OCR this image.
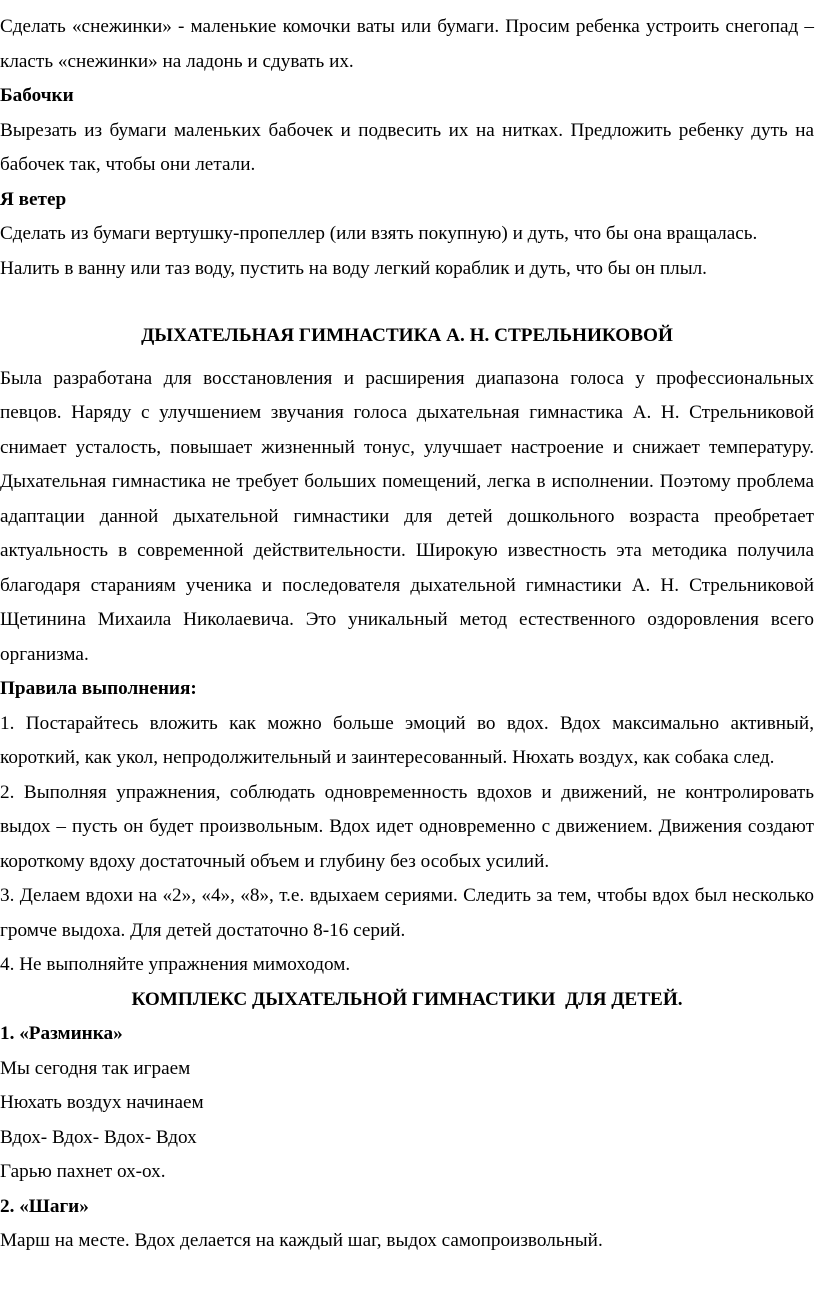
Сделать «снежинки» - маленькие комочки ваты или бумаги. Просим ребенка устроить снегопад – класть «снежинки» на ладонь и сдувать их.

Бабочки

Вырезать из бумаги маленьких бабочек и подвесить их на нитках. Предложить ребенку дуть на бабочек так, чтобы они летали.

Я ветер

Сделать из бумаги вертушку-пропеллер (или взять покупную) и дуть, что бы она вращалась.

Налить в ванну или таз воду, пустить на воду легкий кораблик и дуть, что бы он плыл.

ДЫХАТЕЛЬНАЯ ГИМНАСТИКА А. Н. СТРЕЛЬНИКОВОЙ

Была разработана для восстановления и расширения диапазона голоса у профессиональных певцов. Наряду с улучшением звучания голоса дыхательная гимнастика А. Н. Стрельниковой снимает усталость, повышает жизненный тонус, улучшает настроение и снижает температуру. Дыхательная гимнастика не требует больших помещений, легка в исполнении. Поэтому проблема адаптации данной дыхательной гимнастики для детей дошкольного возраста преобретает актуальность в современной действительности. Широкую известность эта методика получила благодаря стараниям ученика и последователя дыхательной гимнастики А. Н. Стрельниковой Щетинина Михаила Николаевича. Это уникальный метод естественного оздоровления всего организма.

Правила выполнения:

1. Постарайтесь вложить как можно больше эмоций во вдох. Вдох максимально активный, короткий, как укол, непродолжительный и заинтересованный. Нюхать воздух, как собака след.

2. Выполняя упражнения, соблюдать одновременность вдохов и движений, не контролировать выдох – пусть он будет произвольным. Вдох идет одновременно с движением. Движения создают короткому вдоху достаточный объем и глубину без особых усилий.

3. Делаем вдохи на «2», «4», «8», т.е. вдыхаем сериями. Следить за тем, чтобы вдох был несколько громче выдоха. Для детей достаточно 8-16 серий.

4. Не выполняйте упражнения мимоходом.

КОМПЛЕКС ДЫХАТЕЛЬНОЙ ГИМНАСТИКИ  ДЛЯ ДЕТЕЙ.

1. «Разминка»

Мы сегодня так играем

Нюхать воздух начинаем

Вдох- Вдох- Вдох- Вдох

Гарью пахнет ох-ох.

2. «Шаги»

Марш на месте. Вдох делается на каждый шаг, выдох самопроизвольный.
